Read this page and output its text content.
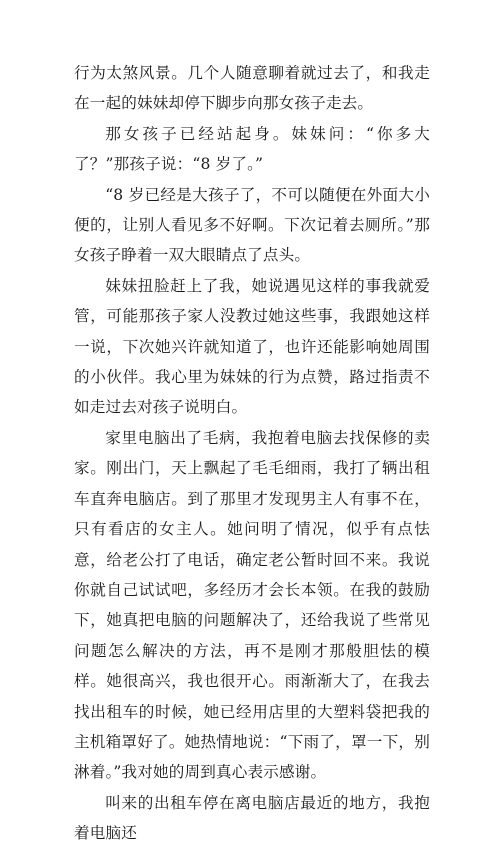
行为太煞风景。几个人随意聊着就过去了，和我走在一起的妹妹却停下脚步向那女孩子走去。

那女孩子已经站起身。妹妹问：“你多大了？”那孩子说：“8 岁了。”

“8 岁已经是大孩子了，不可以随便在外面大小便的，让别人看见多不好啊。下次记着去厕所。”那女孩子睁着一双大眼睛点了点头。

妹妹扭脸赶上了我，她说遇见这样的事我就爱管，可能那孩子家人没教过她这些事，我跟她这样一说，下次她兴许就知道了，也许还能影响她周围的小伙伴。我心里为妹妹的行为点赞，路过指责不如走过去对孩子说明白。

家里电脑出了毛病，我抱着电脑去找保修的卖家。刚出门，天上飘起了毛毛细雨，我打了辆出租车直奔电脑店。到了那里才发现男主人有事不在，只有看店的女主人。她问明了情况，似乎有点怯意，给老公打了电话，确定老公暂时回不来。我说你就自己试试吧，多经历才会长本领。在我的鼓励下，她真把电脑的问题解决了，还给我说了些常见问题怎么解决的方法，再不是刚才那般胆怯的模样。她很高兴，我也很开心。雨渐渐大了，在我去找出租车的时候，她已经用店里的大塑料袋把我的主机箱罩好了。她热情地说：“下雨了，罩一下，别淋着。”我对她的周到真心表示感谢。

叫来的出租车停在离电脑店最近的地方，我抱着电脑还
